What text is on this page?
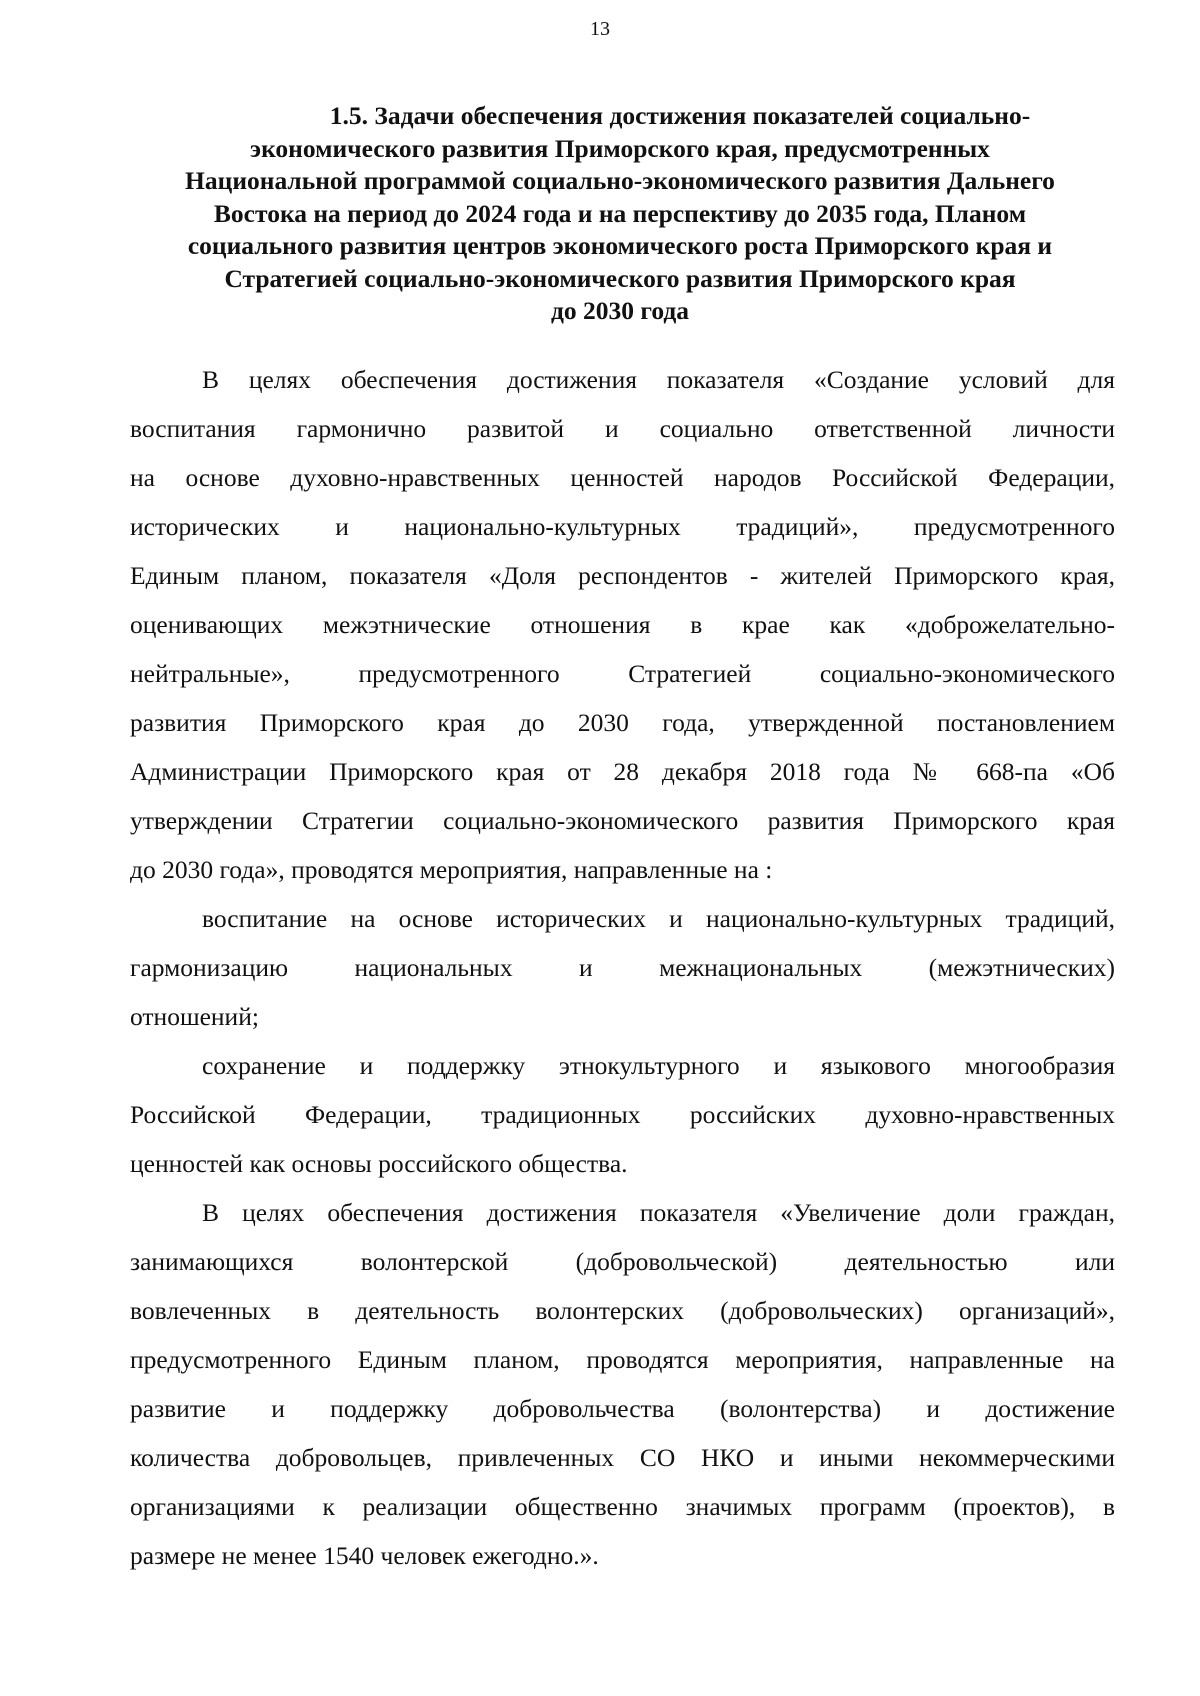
13
1.5. Задачи обеспечения достижения показателей социально-
экономического развития Приморского края, предусмотренных
Национальной программой социально-экономического развития Дальнего
Востока на период до 2024 года и на перспективу до 2035 года, Планом
социального развития центров экономического роста Приморского края и
Стратегией социально-экономического развития Приморского края
до 2030 года
В целях обеспечения достижения показателя «Создание условий для
воспитания гармонично развитой и социально ответственной личности
на основе духовно-нравственных ценностей народов Российской Федерации,
исторических и национально-культурных традиций», предусмотренного
Единым планом, показателя «Доля респондентов - жителей Приморского края,
оценивающих межэтнические отношения в крае как «доброжелательно-
нейтральные», предусмотренного Стратегией социально-экономического
развития Приморского края до 2030 года, утвержденной постановлением
Администрации Приморского края от 28 декабря 2018 года № 668-па «Об
утверждении Стратегии социально-экономического развития Приморского края
до 2030 года», проводятся мероприятия, направленные на :
воспитание на основе исторических и национально-культурных традиций,
гармонизацию национальных и межнациональных (межэтнических)
отношений;
сохранение и поддержку этнокультурного и языкового многообразия
Российской Федерации, традиционных российских духовно-нравственных
ценностей как основы российского общества.
В целях обеспечения достижения показателя «Увеличение доли граждан,
занимающихся волонтерской (добровольческой) деятельностью или
вовлеченных в деятельность волонтерских (добровольческих) организаций»,
предусмотренного Единым планом, проводятся мероприятия, направленные на
развитие и поддержку добровольчества (волонтерства) и достижение
количества добровольцев, привлеченных СО НКО и иными некоммерческими
организациями к реализации общественно значимых программ (проектов), в
размере не менее 1540 человек ежегодно.».
